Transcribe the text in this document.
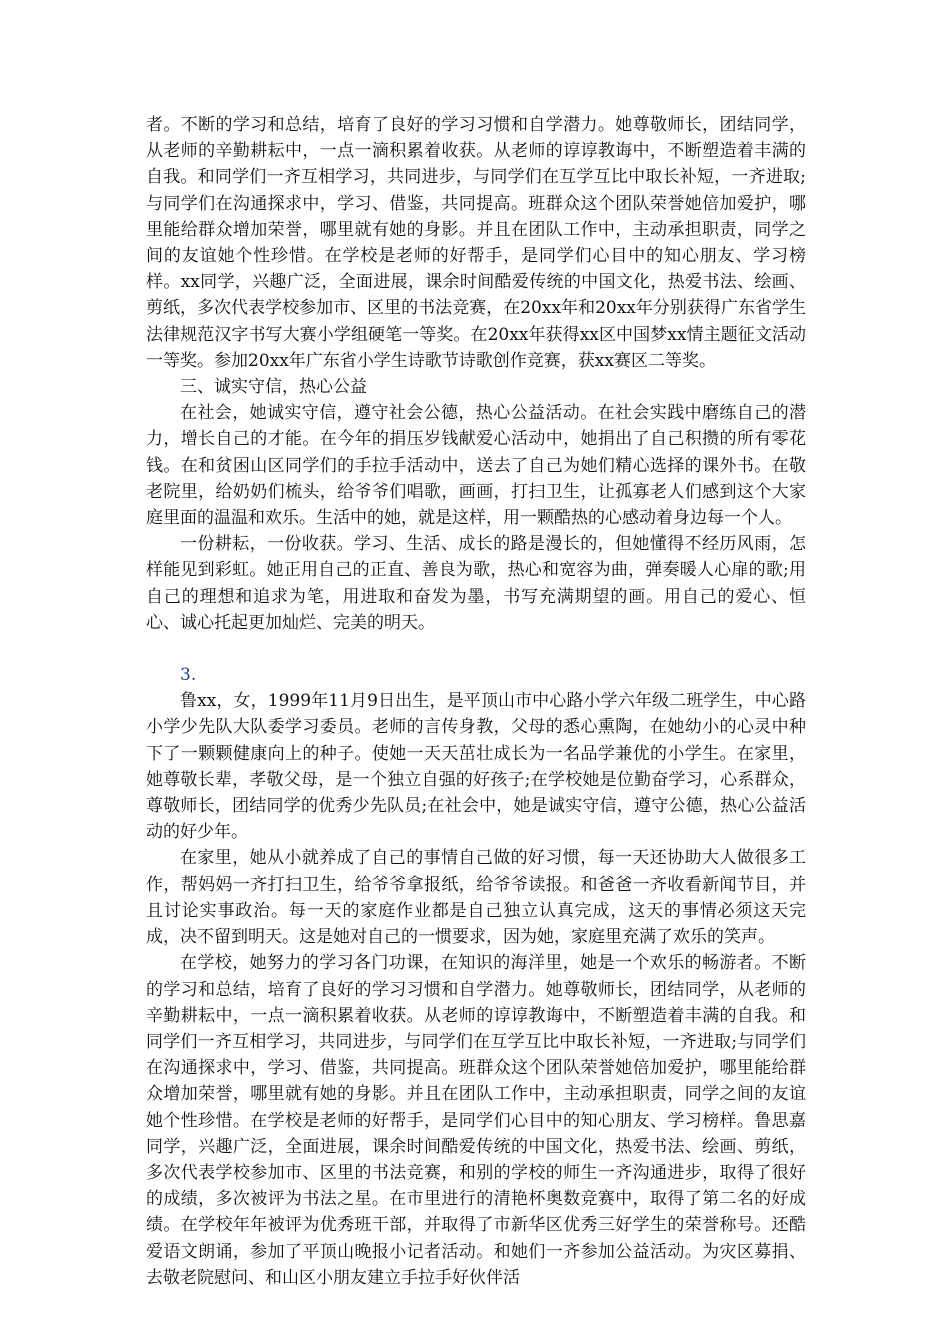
者。不断的学习和总结，培育了良好的学习习惯和自学潜力。她尊敬师长，团结同学，从老师的辛勤耕耘中，一点一滴积累着收获。从老师的谆谆教诲中，不断塑造着丰满的自我。和同学们一齐互相学习，共同进步，与同学们在互学互比中取长补短，一齐进取;与同学们在沟通探求中，学习、借鉴，共同提高。班群众这个团队荣誉她倍加爱护，哪里能给群众增加荣誉，哪里就有她的身影。并且在团队工作中，主动承担职责，同学之间的友谊她个性珍惜。在学校是老师的好帮手，是同学们心目中的知心朋友、学习榜样。xx同学，兴趣广泛，全面进展，课余时间酷爱传统的中国文化，热爱书法、绘画、剪纸，多次代表学校参加市、区里的书法竞赛，在20xx年和20xx年分别获得广东省学生法律规范汉字书写大赛小学组硬笔一等奖。在20xx年获得xx区中国梦xx情主题征文活动一等奖。参加20xx年广东省小学生诗歌节诗歌创作竞赛，获xx赛区二等奖。

三、诚实守信，热心公益

在社会，她诚实守信，遵守社会公德，热心公益活动。在社会实践中磨练自己的潜力，增长自己的才能。在今年的捐压岁钱献爱心活动中，她捐出了自己积攒的所有零花钱。在和贫困山区同学们的手拉手活动中，送去了自己为她们精心选择的课外书。在敬老院里，给奶奶们梳头，给爷爷们唱歌，画画，打扫卫生，让孤寡老人们感到这个大家庭里面的温温和欢乐。生活中的她，就是这样，用一颗酷热的心感动着身边每一个人。

一份耕耘，一份收获。学习、生活、成长的路是漫长的，但她懂得不经历风雨，怎样能见到彩虹。她正用自己的正直、善良为歌，热心和宽容为曲，弹奏暖人心扉的歌;用自己的理想和追求为笔，用进取和奋发为墨，书写充满期望的画。用自己的爱心、恒心、诚心托起更加灿烂、完美的明天。

3.

鲁xx，女，1999年11月9日出生，是平顶山市中心路小学六年级二班学生，中心路小学少先队大队委学习委员。老师的言传身教，父母的悉心熏陶，在她幼小的心灵中种下了一颗颗健康向上的种子。使她一天天茁壮成长为一名品学兼优的小学生。在家里，她尊敬长辈，孝敬父母，是一个独立自强的好孩子;在学校她是位勤奋学习，心系群众，尊敬师长，团结同学的优秀少先队员;在社会中，她是诚实守信，遵守公德，热心公益活动的好少年。

在家里，她从小就养成了自己的事情自己做的好习惯，每一天还协助大人做很多工作，帮妈妈一齐打扫卫生，给爷爷拿报纸，给爷爷读报。和爸爸一齐收看新闻节目，并且讨论实事政治。每一天的家庭作业都是自己独立认真完成，这天的事情必须这天完成，决不留到明天。这是她对自己的一惯要求，因为她，家庭里充满了欢乐的笑声。

在学校，她努力的学习各门功课，在知识的海洋里，她是一个欢乐的畅游者。不断的学习和总结，培育了良好的学习习惯和自学潜力。她尊敬师长，团结同学，从老师的辛勤耕耘中，一点一滴积累着收获。从老师的谆谆教诲中，不断塑造着丰满的自我。和同学们一齐互相学习，共同进步，与同学们在互学互比中取长补短，一齐进取;与同学们在沟通探求中，学习、借鉴，共同提高。班群众这个团队荣誉她倍加爱护，哪里能给群众增加荣誉，哪里就有她的身影。并且在团队工作中，主动承担职责，同学之间的友谊她个性珍惜。在学校是老师的好帮手，是同学们心目中的知心朋友、学习榜样。鲁思嘉同学，兴趣广泛，全面进展，课余时间酷爱传统的中国文化，热爱书法、绘画、剪纸，多次代表学校参加市、区里的书法竞赛，和别的学校的师生一齐沟通进步，取得了很好的成绩，多次被评为书法之星。在市里进行的清艳杯奥数竞赛中，取得了第二名的好成绩。在学校年年被评为优秀班干部，并取得了市新华区优秀三好学生的荣誉称号。还酷爱语文朗诵，参加了平顶山晚报小记者活动。和她们一齐参加公益活动。为灾区募捐、去敬老院慰问、和山区小朋友建立手拉手好伙伴活
